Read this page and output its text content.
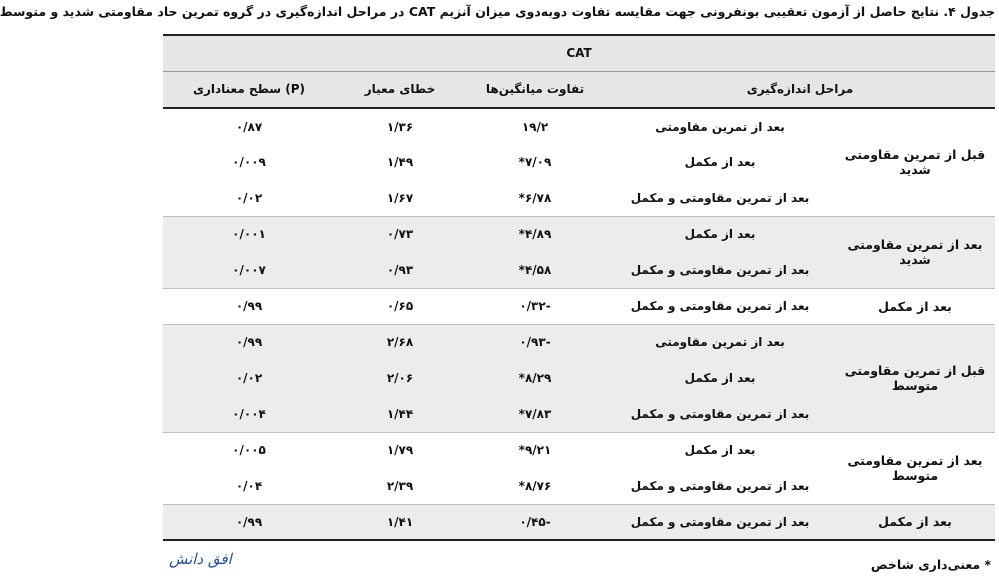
جدول ۴. نتایج حاصل از آزمون تعقیبی بونفرونی جهت مقایسه تفاوت دوبه‌دوی میزان آنزیم CAT در مراحل اندازه‌گیری در گروه تمرین حاد مقاومتی شدید و متوسط
CAT				
مراحل اندازه‌گیری		تفاوت میانگین‌ها	خطای معیار	(P) سطح معناداری
قبل از تمرین مقاومتی شدید	بعد از تمرین مقاومتی	۱۹/۲	۱/۳۶	۰/۸۷
	بعد از مکمل	۷/۰۹*	۱/۴۹	۰/۰۰۹
	بعد از تمرین مقاومتی و مکمل	۶/۷۸*	۱/۶۷	۰/۰۲
بعد از تمرین مقاومتی شدید	بعد از مکمل	۴/۸۹*	۰/۷۳	۰/۰۰۱
	بعد از تمرین مقاومتی و مکمل	۴/۵۸*	۰/۹۳	۰/۰۰۷
بعد از مکمل	بعد از تمرین مقاومتی و مکمل	-۰/۳۲	۰/۶۵	۰/۹۹
قبل از تمرین مقاومتی متوسط	بعد از تمرین مقاومتی	-۰/۹۳	۲/۶۸	۰/۹۹
	بعد از مکمل	۸/۲۹*	۲/۰۶	۰/۰۲
	بعد از تمرین مقاومتی و مکمل	۷/۸۳*	۱/۴۴	۰/۰۰۴
بعد از تمرین مقاومتی متوسط	بعد از مکمل	۹/۲۱*	۱/۷۹	۰/۰۰۵
	بعد از تمرین مقاومتی و مکمل	۸/۷۶*	۲/۳۹	۰/۰۴
بعد از مکمل	بعد از تمرین مقاومتی و مکمل	-۰/۴۵	۱/۴۱	۰/۹۹
* معنی‌داری شاخص
افق دانش
